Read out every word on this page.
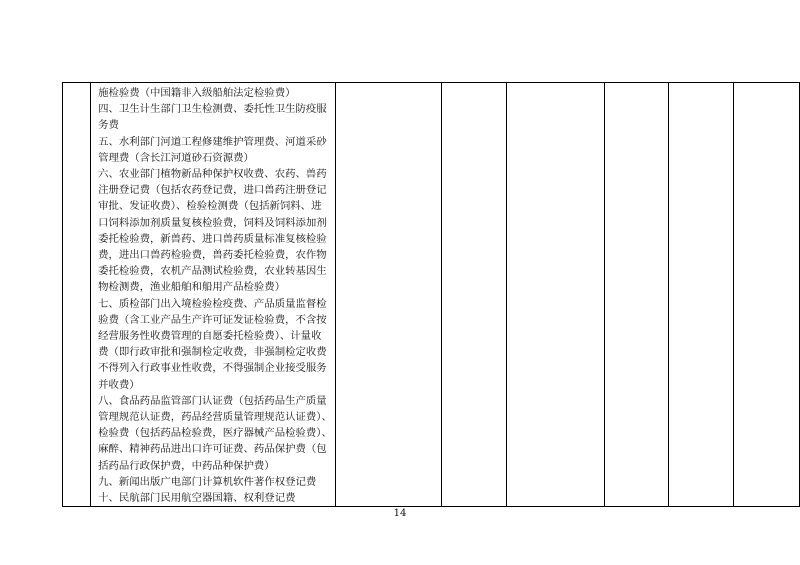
施检验费（中国籍非入级船舶法定检验费）
四、卫生计生部门卫生检测费、委托性卫生防疫服
务费
五、水利部门河道工程修建维护管理费、河道采砂
管理费（含长江河道砂石资源费）
六、农业部门植物新品种保护权收费、农药、兽药
注册登记费（包括农药登记费，进口兽药注册登记
审批、发证收费）、检验检测费（包括新饲料、进
口饲料添加剂质量复核检验费，饲料及饲料添加剂
委托检验费，新兽药、进口兽药质量标准复核检验
费，进出口兽药检验费，兽药委托检验费，农作物
委托检验费，农机产品测试检验费，农业转基因生
物检测费，渔业船舶和船用产品检验费）
七、质检部门出入境检验检疫费、产品质量监督检
验费（含工业产品生产许可证发证检验费，不含按
经营服务性收费管理的自愿委托检验费）、计量收
费（即行政审批和强制检定收费，非强制检定收费
不得列入行政事业性收费，不得强制企业接受服务
并收费）
八、食品药品监管部门认证费（包括药品生产质量
管理规范认证费，药品经营质量管理规范认证费）、
检验费（包括药品检验费，医疗器械产品检验费）、
麻醉、精神药品进出口许可证费、药品保护费（包
括药品行政保护费，中药品种保护费）
九、新闻出版广电部门计算机软件著作权登记费
十、民航部门民用航空器国籍、权利登记费

14
